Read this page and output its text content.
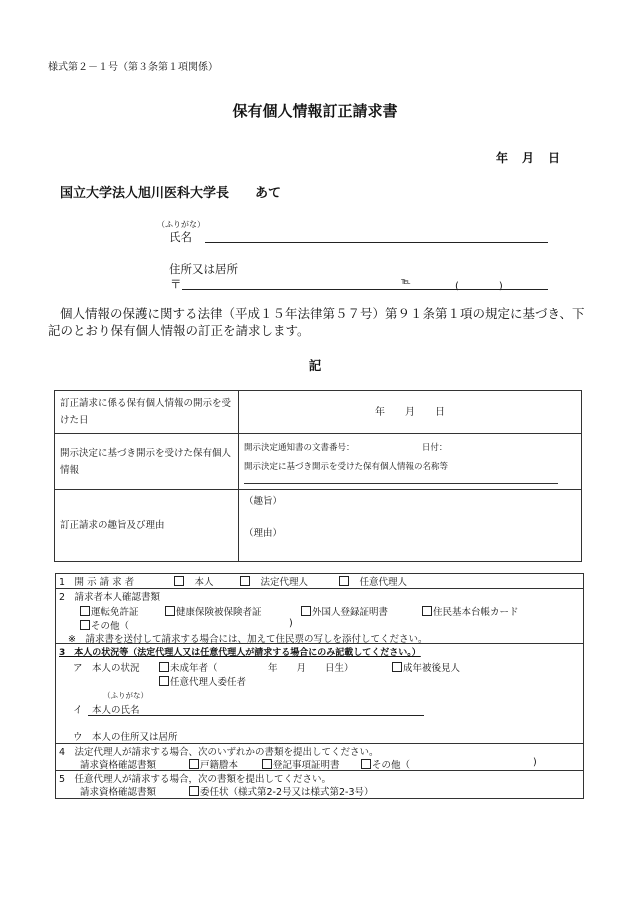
様式第２－１号（第３条第１項関係）
保有個人情報訂正請求書
年　月　日
国立大学法人旭川医科大学長　　あて
（ふりがな）
氏名
住所又は居所
〒	℡	(　　　　)
個人情報の保護に関する法律（平成１５年法律第５７号）第９１条第１項の規定に基づき、下記のとおり保有個人情報の訂正を請求します。
記
訂正請求に係る保有個人情報の開示を受けた日	年　　月　　日
開示決定に基づき開示を受けた保有個人情報	開示決定通知書の文書番号： 日付：
開示決定に基づき開示を受けた保有個人情報の名称等

訂正請求の趣旨及び理由	（趣旨）
（理由）
1　開 示 請 求 者
　	本人
　	法定代理人
　	任意代理人
2　請求者本人確認書類
運転免許証	健康保険被保険者証	外国人登録証明書	住民基本台帳カード
その他（	)
※　請求書を送付して請求する場合には、加えて住民票の写しを添付してください。
3　本人の状況等（法定代理人又は任意代理人が請求する場合にのみ記載してください。）
ア　本人の状況	未成年者（	年　　月　　日生）	成年被後見人
任意代理人委任者
（ふりがな）
イ　本人の氏名
ウ　本人の住所又は居所
4　法定代理人が請求する場合、次のいずれかの書類を提出してください。
請求資格確認書類	戸籍謄本	登記事項証明書	その他（	)
5　任意代理人が請求する場合，次の書類を提出してください。
請求資格確認書類	委任状（様式第2-2号又は様式第2-3号）
